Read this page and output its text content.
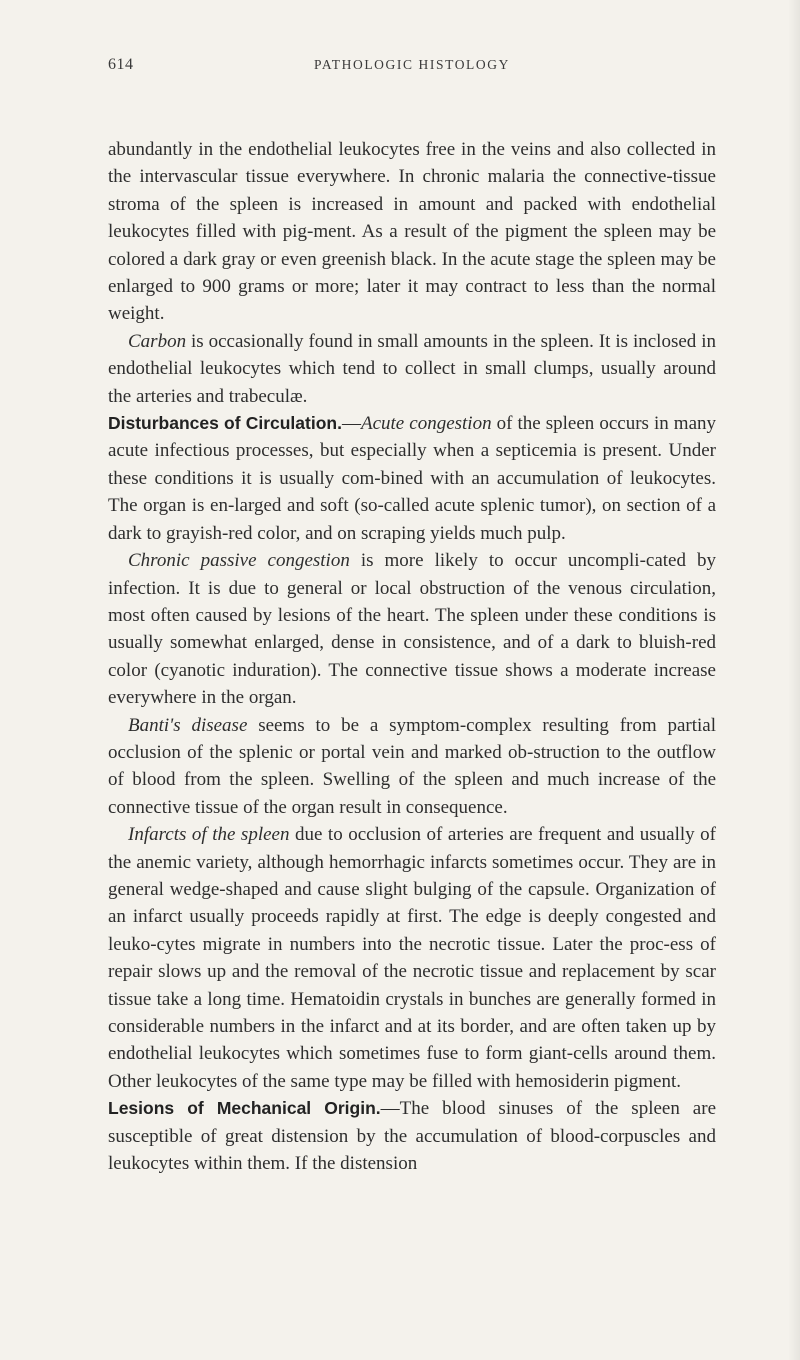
614	PATHOLOGIC HISTOLOGY

abundantly in the endothelial leukocytes free in the veins and also collected in the intervascular tissue everywhere. In chronic malaria the connective-tissue stroma of the spleen is increased in amount and packed with endothelial leukocytes filled with pig-ment. As a result of the pigment the spleen may be colored a dark gray or even greenish black. In the acute stage the spleen may be enlarged to 900 grams or more; later it may contract to less than the normal weight.

Carbon is occasionally found in small amounts in the spleen. It is inclosed in endothelial leukocytes which tend to collect in small clumps, usually around the arteries and trabeculæ.

Disturbances of Circulation.—Acute congestion of the spleen occurs in many acute infectious processes, but especially when a septicemia is present. Under these conditions it is usually com-bined with an accumulation of leukocytes. The organ is en-larged and soft (so-called acute splenic tumor), on section of a dark to grayish-red color, and on scraping yields much pulp.

Chronic passive congestion is more likely to occur uncompli-cated by infection. It is due to general or local obstruction of the venous circulation, most often caused by lesions of the heart. The spleen under these conditions is usually somewhat enlarged, dense in consistence, and of a dark to bluish-red color (cyanotic induration). The connective tissue shows a moderate increase everywhere in the organ.

Banti's disease seems to be a symptom-complex resulting from partial occlusion of the splenic or portal vein and marked ob-struction to the outflow of blood from the spleen. Swelling of the spleen and much increase of the connective tissue of the organ result in consequence.

Infarcts of the spleen due to occlusion of arteries are frequent and usually of the anemic variety, although hemorrhagic infarcts sometimes occur. They are in general wedge-shaped and cause slight bulging of the capsule. Organization of an infarct usually proceeds rapidly at first. The edge is deeply congested and leuko-cytes migrate in numbers into the necrotic tissue. Later the proc-ess of repair slows up and the removal of the necrotic tissue and replacement by scar tissue take a long time. Hematoidin crystals in bunches are generally formed in considerable numbers in the infarct and at its border, and are often taken up by endothelial leukocytes which sometimes fuse to form giant-cells around them. Other leukocytes of the same type may be filled with hemosiderin pigment.

Lesions of Mechanical Origin.—The blood sinuses of the spleen are susceptible of great distension by the accumulation of blood-corpuscles and leukocytes within them. If the distension
